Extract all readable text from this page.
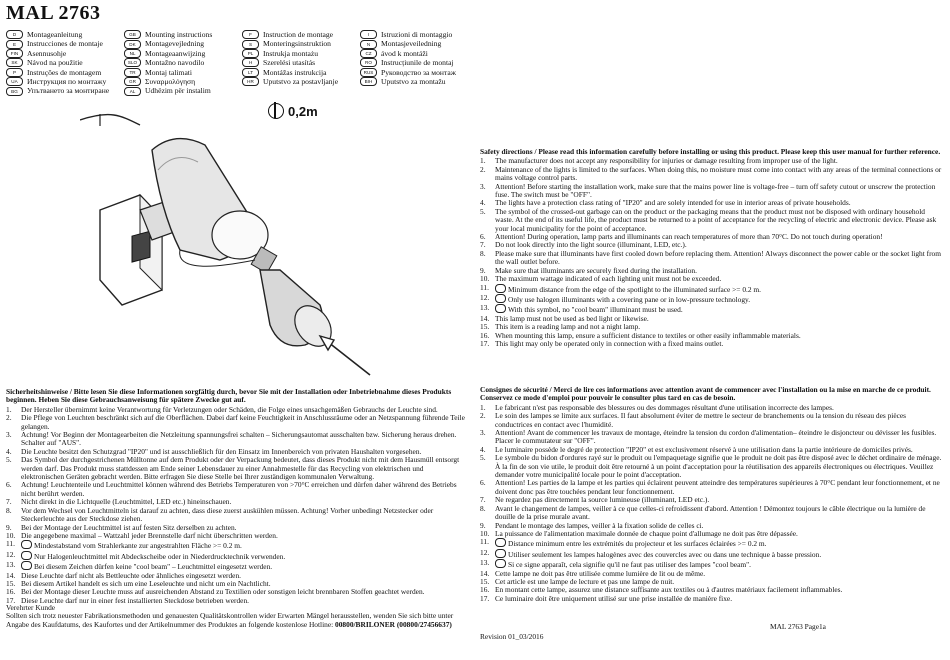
MAL 2763
D	Montageanleitung	GB	Mounting instructions	F	Instruction de montage	I	Istruzioni di montaggio
E	Instrucciones de montaje	DK	Montagevejledning	S	Monteringsinstruktion	N	Montasjeveiledning
FIN	Asennusohje	NL	Montageaanwijzing	PL	Instrukja montażu	CZ	ávod k montáži
SK	Návod na použitie	SLO	Montažno navodilo	H	Szerelési utasítás	RO	Instrucțiunile de montaj
P	Instruções de montagem	TR	Montaj talimati	LT	Montážas instrukcija	RUS	Руководство за монтаж
UA	Инструкция по монтажу	GR	Συναρμολόγηση	HR	Uputstvo za postavljanje	BIH	Uputstvo za montažu
BG	Упътването за монтиране	AL	Udhëzim për instalim
0,2m
Safety directions / Please read this information carefully before installing or using this product. Please keep this user manual for further reference.
1. The manufacturer does not accept any responsibility for injuries or damage resulting from improper use of the light.
2. Maintenance of the lights is limited to the surfaces. When doing this, no moisture must come into contact with any areas of the terminal connections or mains voltage control parts.
3. Attention! Before starting the installation work, make sure that the mains power line is voltage-free – turn off safety cutout or unscrew the protection fuse. The switch must be "OFF".
4. The lights have a protection class rating of "IP20" and are solely intended for use in interior areas of private households.
5. The symbol of the crossed-out garbage can on the product or the packaging means that the product must not be disposed with ordinary household waste. At the end of its useful life, the product must be returned to a point of acceptance for the recycling of electric and electronic device. Please ask your local municipality for the point of acceptance.
6. Attention! During operation, lamp parts and illuminants can reach temperatures of more than 70°C. Do not touch during operation!
7. Do not look directly into the light source (illuminant, LED, etc.).
8. Please make sure that illuminants have first cooled down before replacing them. Attention! Always disconnect the power cable or the socket light from the wall outlet before.
9. Make sure that illuminants are securely fixed during the installation.
10. The maximum wattage indicated of each lighting unit must not be exceeded.
11.	Minimum distance from the edge of the spotlight to the illuminated surface >= 0.2 m.
12.	Only use halogen illuminants with a covering pane or in low-pressure technology.
13.	With this symbol, no "cool beam" illuminant must be used.
14. This lamp must not be used as bed light or likewise.
15. This item is a reading lamp and not a night lamp.
16. When mounting this lamp, ensure a sufficient distance to textiles or other easily inflammable materials.
17. This light may only be operated only in connection with a fixed mains outlet.
Sicherheitshinweise / Bitte lesen Sie diese Informationen sorgfältig durch, bevor Sie mit der Installation oder Inbetriebnahme dieses Produkts beginnen. Heben Sie diese Gebrauchsanweisung für spätere Zwecke gut auf.
1. Der Hersteller übernimmt keine Verantwortung für Verletzungen oder Schäden, die Folge eines unsachgemäßen Gebrauchs der Leuchte sind.
2. Die Pflege von Leuchten beschränkt sich auf die Oberflächen. Dabei darf keine Feuchtigkeit in Anschlussräume oder an Netzspannung führende Teile gelangen.
3. Achtung! Vor Beginn der Montagearbeiten die Netzleitung spannungsfrei schalten – Sicherungsautomat ausschalten bzw. Sicherung heraus drehen. Schalter auf "AUS".
4. Die Leuchte besitzt den Schutzgrad "IP20" und ist ausschließlich für den Einsatz im Innenbereich von privaten Haushalten vorgesehen.
5. Das Symbol der durchgestrichenen Mülltonne auf dem Produkt oder der Verpackung bedeutet, dass dieses Produkt nicht mit dem Hausmüll entsorgt werden darf. Das Produkt muss stattdessen am Ende seiner Lebensdauer zu einer Annahmestelle für das Recycling von elektrischen und elektronischen Geräten gebracht werden. Bitte erfragen Sie diese Stelle bei Ihrer zuständigen kommunalen Verwaltung.
6. Achtung! Leuchtenteile und Leuchtmittel können während des Betriebs Temperaturen von >70°C erreichen und dürfen daher während des Betriebs nicht berührt werden.
7. Nicht direkt in die Lichtquelle (Leuchtmittel, LED etc.) hineinschauen.
8. Vor dem Wechsel von Leuchtmitteln ist darauf zu achten, dass diese zuerst auskühlen müssen. Achtung! Vorher unbedingt Netzstecker oder Steckerleuchte aus der Steckdose ziehen.
9. Bei der Montage der Leuchtmittel ist auf festen Sitz derselben zu achten.
10. Die angegebene maximal – Wattzahl jeder Brennstelle darf nicht überschritten werden.
11.	Mindestabstand vom Strahlerkante zur angestrahlten Fläche >= 0.2 m.
12.	Nur Halogenleuchtmittel mit Abdeckscheibe oder in Niederdrucktechnik verwenden.
13.	Bei diesem Zeichen dürfen keine "cool beam" – Leuchtmittel eingesetzt werden.
14. Diese Leuchte darf nicht als Bettleuchte oder ähnliches eingesetzt werden.
15. Bei diesem Artikel handelt es sich um eine Leseleuchte und nicht um ein Nachtlicht.
16. Bei der Montage dieser Leuchte muss auf ausreichenden Abstand zu Textilien oder sonstigen leicht brennbaren Stoffen geachtet werden.
17. Diese Leuchte darf nur in einer fest installierten Steckdose betrieben werden.
Consignes de sécurité / Merci de lire ces informations avec attention avant de commencer avec l'installation ou la mise en marche de ce produit. Conservez ce mode d'emploi pour pouvoir le consulter plus tard en cas de besoin.
1. Le fabricant n'est pas responsable des blessures ou des dommages résultant d'une utilisation incorrecte des lampes.
2. Le soin des lampes se limite aux surfaces. Il faut absolument éviter de mettre le secteur de branchements ou la tension du réseau des pièces conductrices en contact avec l'humidité.
3. Attention! Avant de commencer les travaux de montage, éteindre la tension du cordon d'alimentation– éteindre le disjoncteur ou dévisser les fusibles. Placer le commutateur sur "OFF".
4. Le luminaire possède le degré de protection "IP20" et est exclusivement réservé à une utilisation dans la partie intérieure de domiciles privés.
5. Le symbole du bidon d'ordures rayé sur le produit ou l'empaquetage signifie que le produit ne doit pas être disposé avec le déchet ordinaire de ménage. À la fin de son vie utile, le produit doit être retourné à un point d'acceptation pour la réutilisation des appareils électroniques ou électriques. Veuillez demander votre municipalité locale pour le point d'acceptation.
6. Attention! Les parties de la lampe et les parties qui éclairent peuvent atteindre des températures supérieures à 70°C pendant leur fonctionnement, et ne doivent donc pas être touchées pendant leur fonctionnement.
7. Ne regardez pas directement la source lumineuse (illuminant, LED etc.).
8. Avant le changement de lampes, veiller à ce que celles-ci refroidissent d'abord. Attention ! Démontez toujours le câble électrique ou la lumière de douille de la prise murale avant.
9. Pendant le montage des lampes, veiller à la fixation solide de celles ci.
10. La puissance de l'alimentation maximale donnée de chaque point d'allumage ne doit pas être dépassée.
11.	Distance minimum entre les extrémités du projecteur et les surfaces éclairées >= 0.2 m.
12.	Utiliser seulement les lampes halogènes avec des couvercles avec ou dans une technique à basse pression.
13.	Si ce signe apparaît, cela signifie qu'il ne faut pas utiliser des lampes "cool beam".
14. Cette lampe ne doit pas être utilisée comme lumière de lit ou de même.
15. Cet article est une lampe de lecture et pas une lampe de nuit.
16. En montant cette lampe, assurez une distance suffisante aux textiles ou à d'autres matériaux facilement inflammables.
17. Ce luminaire doit être uniquement utilisé sur une prise installée de manière fixe.
Verehrter Kunde
Sollten sich trotz neuester Fabrikationsmethoden und genauesten Qualitätskontrollen wider Erwarten Mängel herausstellen, wenden Sie sich bitte unter Angabe des Kaufdatums, des Kaufortes und der Artikelnummer des Produktes an folgende kostenlose Hotline: 00800/BRILONER (00800/27456637)
Revision 01_03/2016
MAL 2763 Page1a
